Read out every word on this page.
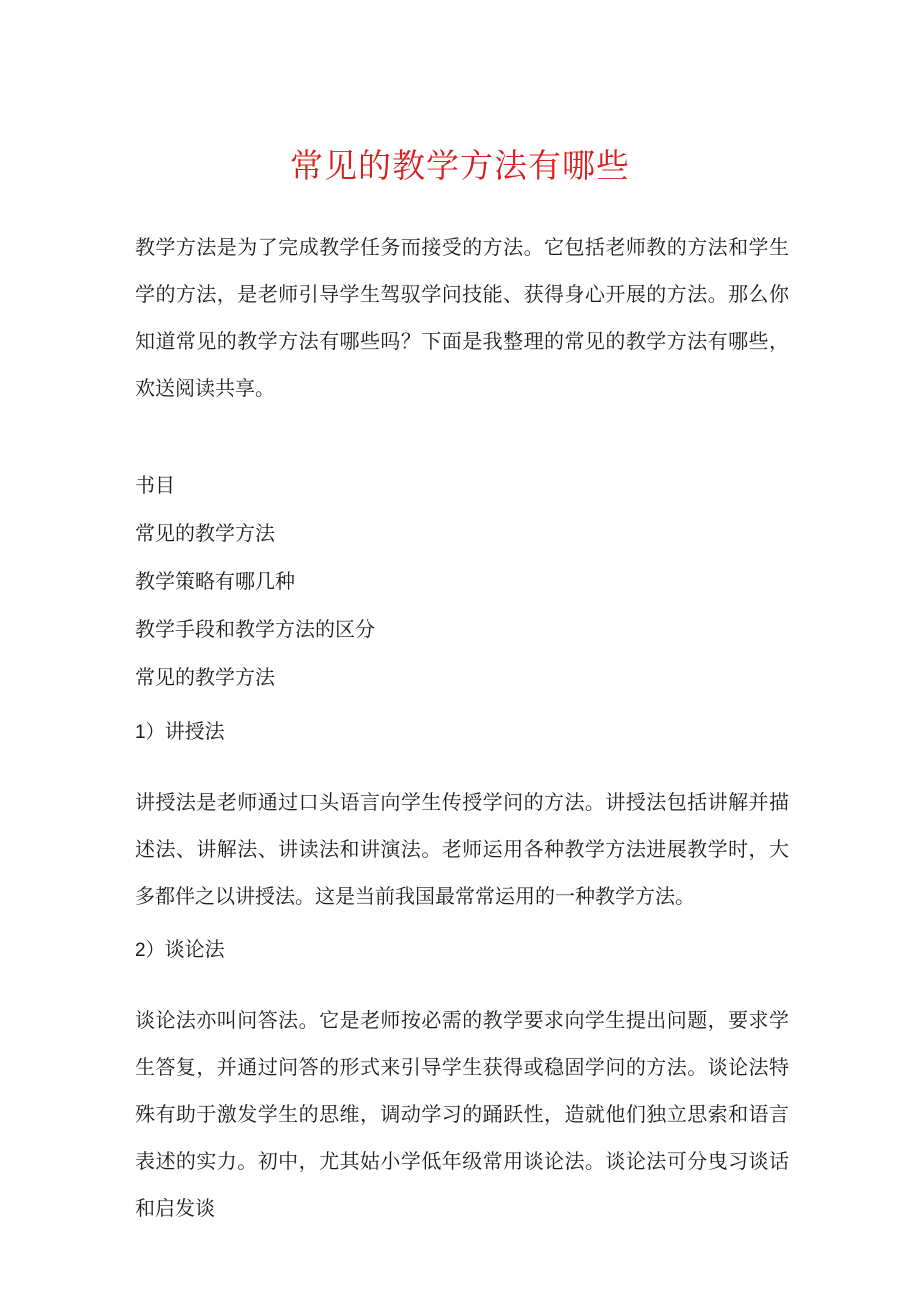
常见的教学方法有哪些
教学方法是为了完成教学任务而接受的方法。它包括老师教的方法和学生学的方法，是老师引导学生驾驭学问技能、获得身心开展的方法。那么你知道常见的教学方法有哪些吗？下面是我整理的常见的教学方法有哪些，欢送阅读共享。
书目
常见的教学方法
教学策略有哪几种
教学手段和教学方法的区分
常见的教学方法
1）讲授法
讲授法是老师通过口头语言向学生传授学问的方法。讲授法包括讲解并描述法、讲解法、讲读法和讲演法。老师运用各种教学方法进展教学时，大多都伴之以讲授法。这是当前我国最常常运用的一种教学方法。
2）谈论法
谈论法亦叫问答法。它是老师按必需的教学要求向学生提出问题，要求学生答复，并通过问答的形式来引导学生获得或稳固学问的方法。谈论法特殊有助于激发学生的思维，调动学习的踊跃性，造就他们独立思索和语言表述的实力。初中，尤其姑小学低年级常用谈论法。谈论法可分曳习谈话和启发谈
